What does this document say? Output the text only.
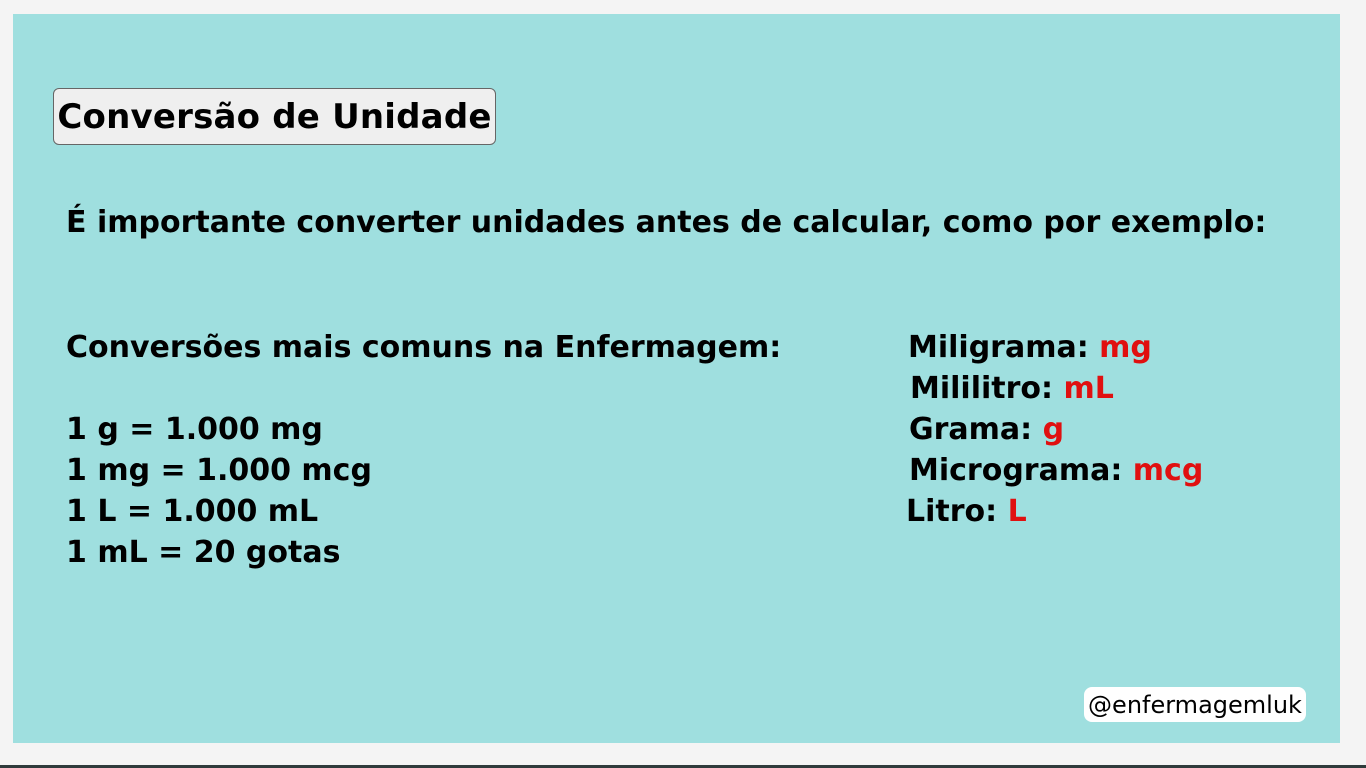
Conversão de Unidade
É importante converter unidades antes de calcular, como por exemplo:
Conversões mais comuns na Enfermagem:
1 g = 1.000 mg
1 mg = 1.000 mcg
1 L = 1.000 mL
1 mL = 20 gotas
Miligrama: mg
Mililitro: mL
Grama: g
Micrograma: mcg
Litro: L
@enfermagemluk
